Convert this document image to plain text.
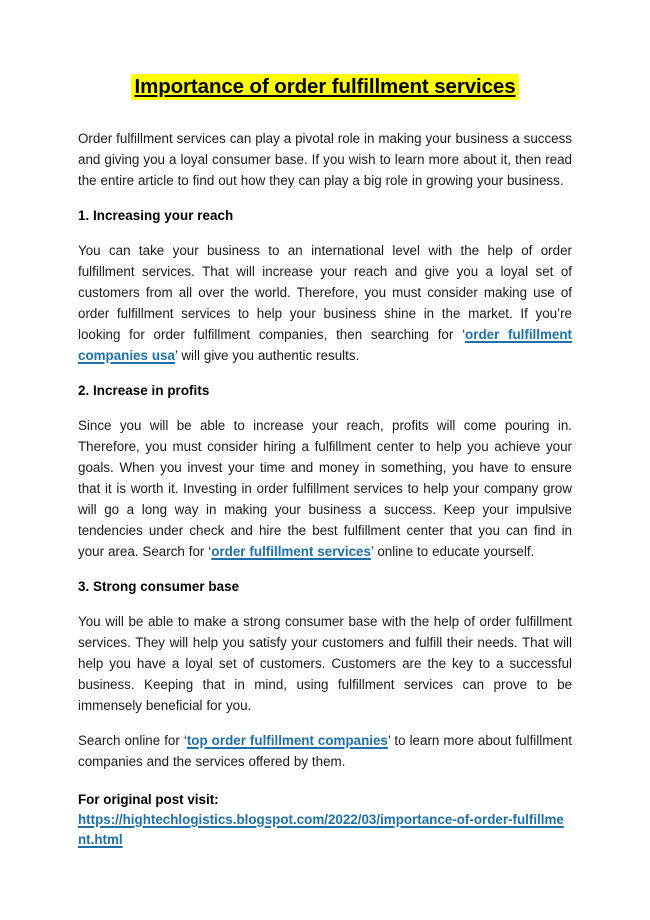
Importance of order fulfillment services

Order fulfillment services can play a pivotal role in making your business a success and giving you a loyal consumer base. If you wish to learn more about it, then read the entire article to find out how they can play a big role in growing your business.

1. Increasing your reach

You can take your business to an international level with the help of order fulfillment services. That will increase your reach and give you a loyal set of customers from all over the world. Therefore, you must consider making use of order fulfillment services to help your business shine in the market. If you’re looking for order fulfillment companies, then searching for ‘order fulfillment companies usa’ will give you authentic results.

2. Increase in profits

Since you will be able to increase your reach, profits will come pouring in. Therefore, you must consider hiring a fulfillment center to help you achieve your goals. When you invest your time and money in something, you have to ensure that it is worth it. Investing in order fulfillment services to help your company grow will go a long way in making your business a success. Keep your impulsive tendencies under check and hire the best fulfillment center that you can find in your area. Search for ‘order fulfillment services’ online to educate yourself.

3. Strong consumer base

You will be able to make a strong consumer base with the help of order fulfillment services. They will help you satisfy your customers and fulfill their needs. That will help you have a loyal set of customers. Customers are the key to a successful business. Keeping that in mind, using fulfillment services can prove to be immensely beneficial for you.

Search online for ‘top order fulfillment companies’ to learn more about fulfillment companies and the services offered by them.

For original post visit:
https://hightechlogistics.blogspot.com/2022/03/importance-of-order-fulfillment.html
